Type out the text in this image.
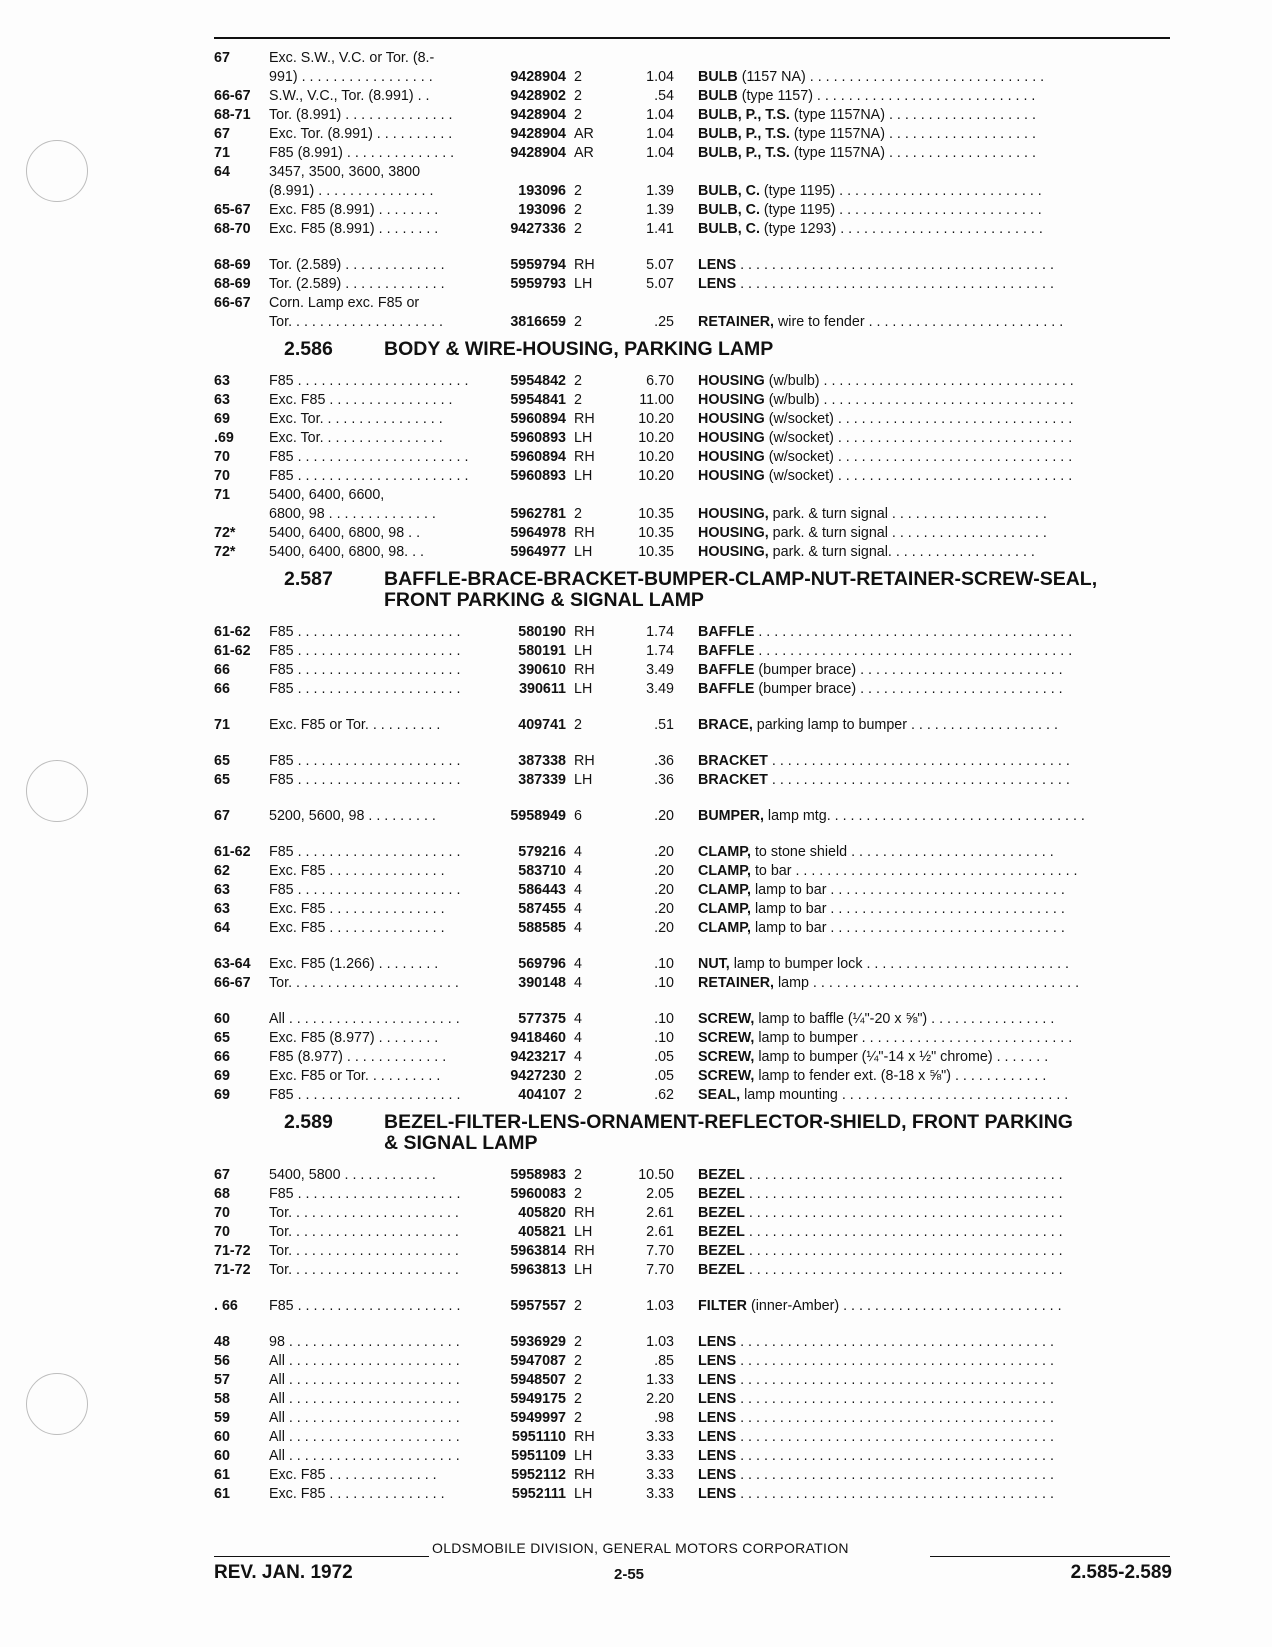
67	Exc. S.W., V.C. or Tor. (8.-
991) . . . . . . . . . . . . . . . . .	9428904 2	1.04	BULB (1157 NA) . . . . . . . . . . . . . . . . . . . . . . . . . . . . . .
66-67	S.W., V.C., Tor. (8.991) . .	9428902 2	.54	BULB (type 1157) . . . . . . . . . . . . . . . . . . . . . . . . . . . .
68-71	Tor. (8.991) . . . . . . . . . . . . . .	9428904 2	1.04	BULB, P., T.S. (type 1157NA) . . . . . . . . . . . . . . . . . . .
67	Exc. Tor. (8.991) . . . . . . . . . .	9428904 AR	1.04	BULB, P., T.S. (type 1157NA) . . . . . . . . . . . . . . . . . . .
71	F85 (8.991) . . . . . . . . . . . . . .	9428904 AR	1.04	BULB, P., T.S. (type 1157NA) . . . . . . . . . . . . . . . . . . .
64	3457, 3500, 3600, 3800
(8.991) . . . . . . . . . . . . . . .	193096 2	1.39	BULB, C. (type 1195) . . . . . . . . . . . . . . . . . . . . . . . . . .
65-67	Exc. F85 (8.991) . . . . . . . .	193096 2	1.39	BULB, C. (type 1195) . . . . . . . . . . . . . . . . . . . . . . . . . .
68-70	Exc. F85 (8.991) . . . . . . . .	9427336 2	1.41	BULB, C. (type 1293) . . . . . . . . . . . . . . . . . . . . . . . . . .
68-69	Tor. (2.589) . . . . . . . . . . . . .	5959794 RH	5.07	LENS . . . . . . . . . . . . . . . . . . . . . . . . . . . . . . . . . . . . . . . .
68-69	Tor. (2.589) . . . . . . . . . . . . .	5959793 LH	5.07	LENS . . . . . . . . . . . . . . . . . . . . . . . . . . . . . . . . . . . . . . . .
66-67	Corn. Lamp exc. F85 or
Tor. . . . . . . . . . . . . . . . . . . .	3816659 2	.25	RETAINER, wire to fender . . . . . . . . . . . . . . . . . . . . . . . . .
2.586	BODY & WIRE-HOUSING, PARKING LAMP
63	F85 . . . . . . . . . . . . . . . . . . . . . .	5954842 2	6.70	HOUSING (w/bulb) . . . . . . . . . . . . . . . . . . . . . . . . . . . . . . . .
63	Exc. F85 . . . . . . . . . . . . . . . .	5954841 2	11.00	HOUSING (w/bulb) . . . . . . . . . . . . . . . . . . . . . . . . . . . . . . . .
69	Exc. Tor. . . . . . . . . . . . . . . .	5960894 RH	10.20	HOUSING (w/socket) . . . . . . . . . . . . . . . . . . . . . . . . . . . . . .
.69	Exc. Tor. . . . . . . . . . . . . . . .	5960893 LH	10.20	HOUSING (w/socket) . . . . . . . . . . . . . . . . . . . . . . . . . . . . . .
70	F85 . . . . . . . . . . . . . . . . . . . . . .	5960894 RH	10.20	HOUSING (w/socket) . . . . . . . . . . . . . . . . . . . . . . . . . . . . . .
70	F85 . . . . . . . . . . . . . . . . . . . . . .	5960893 LH	10.20	HOUSING (w/socket) . . . . . . . . . . . . . . . . . . . . . . . . . . . . . .
71	5400, 6400, 6600,
6800, 98 . . . . . . . . . . . . . .	5962781 2	10.35	HOUSING, park. & turn signal . . . . . . . . . . . . . . . . . . . .
72*	5400, 6400, 6800, 98 . .	5964978 RH	10.35	HOUSING, park. & turn signal . . . . . . . . . . . . . . . . . . . .
72*	5400, 6400, 6800, 98. . .	5964977 LH	10.35	HOUSING, park. & turn signal. . . . . . . . . . . . . . . . . . .
2.587	BAFFLE-BRACE-BRACKET-BUMPER-CLAMP-NUT-RETAINER-SCREW-SEAL,
FRONT PARKING & SIGNAL LAMP
61-62	F85 . . . . . . . . . . . . . . . . . . . . .	580190 RH	1.74	BAFFLE . . . . . . . . . . . . . . . . . . . . . . . . . . . . . . . . . . . . . . . .
61-62	F85 . . . . . . . . . . . . . . . . . . . . .	580191 LH	1.74	BAFFLE . . . . . . . . . . . . . . . . . . . . . . . . . . . . . . . . . . . . . . . .
66	F85 . . . . . . . . . . . . . . . . . . . . .	390610 RH	3.49	BAFFLE (bumper brace) . . . . . . . . . . . . . . . . . . . . . . . . . .
66	F85 . . . . . . . . . . . . . . . . . . . . .	390611 LH	3.49	BAFFLE (bumper brace) . . . . . . . . . . . . . . . . . . . . . . . . . .
71	Exc. F85 or Tor. . . . . . . . . .	409741 2	.51	BRACE, parking lamp to bumper . . . . . . . . . . . . . . . . . . .
65	F85 . . . . . . . . . . . . . . . . . . . . .	387338 RH	.36	BRACKET . . . . . . . . . . . . . . . . . . . . . . . . . . . . . . . . . . . . . .
65	F85 . . . . . . . . . . . . . . . . . . . . .	387339 LH	.36	BRACKET . . . . . . . . . . . . . . . . . . . . . . . . . . . . . . . . . . . . . .
67	5200, 5600, 98 . . . . . . . . .	5958949 6	.20	BUMPER, lamp mtg. . . . . . . . . . . . . . . . . . . . . . . . . . . . . . . . .
61-62	F85 . . . . . . . . . . . . . . . . . . . . .	579216 4	.20	CLAMP, to stone shield . . . . . . . . . . . . . . . . . . . . . . . . . .
62	Exc. F85 . . . . . . . . . . . . . . .	583710 4	.20	CLAMP, to bar . . . . . . . . . . . . . . . . . . . . . . . . . . . . . . . . . . . .
63	F85 . . . . . . . . . . . . . . . . . . . . .	586443 4	.20	CLAMP, lamp to bar . . . . . . . . . . . . . . . . . . . . . . . . . . . . . .
63	Exc. F85 . . . . . . . . . . . . . . .	587455 4	.20	CLAMP, lamp to bar . . . . . . . . . . . . . . . . . . . . . . . . . . . . . .
64	Exc. F85 . . . . . . . . . . . . . . .	588585 4	.20	CLAMP, lamp to bar . . . . . . . . . . . . . . . . . . . . . . . . . . . . . .
63-64	Exc. F85 (1.266) . . . . . . . .	569796 4	.10	NUT, lamp to bumper lock . . . . . . . . . . . . . . . . . . . . . . . . . .
66-67	Tor. . . . . . . . . . . . . . . . . . . . . .	390148 4	.10	RETAINER, lamp . . . . . . . . . . . . . . . . . . . . . . . . . . . . . . . . . .
60	All . . . . . . . . . . . . . . . . . . . . . .	577375 4	.10	SCREW, lamp to baffle (¼"-20 x ⅝") . . . . . . . . . . . . . . . .
65	Exc. F85 (8.977) . . . . . . . .	9418460 4	.10	SCREW, lamp to bumper . . . . . . . . . . . . . . . . . . . . . . . . . . .
66	F85 (8.977) . . . . . . . . . . . . .	9423217 4	.05	SCREW, lamp to bumper (¼"-14 x ½" chrome) . . . . . . .
69	Exc. F85 or Tor. . . . . . . . . .	9427230 2	.05	SCREW, lamp to fender ext. (8-18 x ⅝") . . . . . . . . . . . .
69	F85 . . . . . . . . . . . . . . . . . . . . .	404107 2	.62	SEAL, lamp mounting . . . . . . . . . . . . . . . . . . . . . . . . . . . . .
2.589	BEZEL-FILTER-LENS-ORNAMENT-REFLECTOR-SHIELD, FRONT PARKING
& SIGNAL LAMP
67	5400, 5800 . . . . . . . . . . . .	5958983 2	10.50	BEZEL . . . . . . . . . . . . . . . . . . . . . . . . . . . . . . . . . . . . . . . .
68	F85 . . . . . . . . . . . . . . . . . . . . .	5960083 2	2.05	BEZEL . . . . . . . . . . . . . . . . . . . . . . . . . . . . . . . . . . . . . . . .
70	Tor. . . . . . . . . . . . . . . . . . . . . .	405820 RH	2.61	BEZEL . . . . . . . . . . . . . . . . . . . . . . . . . . . . . . . . . . . . . . . .
70	Tor. . . . . . . . . . . . . . . . . . . . . .	405821 LH	2.61	BEZEL . . . . . . . . . . . . . . . . . . . . . . . . . . . . . . . . . . . . . . . .
71-72	Tor. . . . . . . . . . . . . . . . . . . . . .	5963814 RH	7.70	BEZEL . . . . . . . . . . . . . . . . . . . . . . . . . . . . . . . . . . . . . . . .
71-72	Tor. . . . . . . . . . . . . . . . . . . . . .	5963813 LH	7.70	BEZEL . . . . . . . . . . . . . . . . . . . . . . . . . . . . . . . . . . . . . . . .
. 66	F85 . . . . . . . . . . . . . . . . . . . . .	5957557 2	1.03	FILTER (inner-Amber) . . . . . . . . . . . . . . . . . . . . . . . . . . . .
48	98 . . . . . . . . . . . . . . . . . . . . . .	5936929 2	1.03	LENS . . . . . . . . . . . . . . . . . . . . . . . . . . . . . . . . . . . . . . . .
56	All . . . . . . . . . . . . . . . . . . . . . .	5947087 2	.85	LENS . . . . . . . . . . . . . . . . . . . . . . . . . . . . . . . . . . . . . . . .
57	All . . . . . . . . . . . . . . . . . . . . . .	5948507 2	1.33	LENS . . . . . . . . . . . . . . . . . . . . . . . . . . . . . . . . . . . . . . . .
58	All . . . . . . . . . . . . . . . . . . . . . .	5949175 2	2.20	LENS . . . . . . . . . . . . . . . . . . . . . . . . . . . . . . . . . . . . . . . .
59	All . . . . . . . . . . . . . . . . . . . . . .	5949997 2	.98	LENS . . . . . . . . . . . . . . . . . . . . . . . . . . . . . . . . . . . . . . . .
60	All . . . . . . . . . . . . . . . . . . . . . .	5951110 RH	3.33	LENS . . . . . . . . . . . . . . . . . . . . . . . . . . . . . . . . . . . . . . . .
60	All . . . . . . . . . . . . . . . . . . . . . .	5951109 LH	3.33	LENS . . . . . . . . . . . . . . . . . . . . . . . . . . . . . . . . . . . . . . . .
61	Exc. F85 . . . . . . . . . . . . . .	5952112 RH	3.33	LENS . . . . . . . . . . . . . . . . . . . . . . . . . . . . . . . . . . . . . . . .
61	Exc. F85 . . . . . . . . . . . . . . .	5952111 LH	3.33	LENS . . . . . . . . . . . . . . . . . . . . . . . . . . . . . . . . . . . . . . . .
OLDSMOBILE DIVISION, GENERAL MOTORS CORPORATION
REV. JAN. 1972	2-55	2.585-2.589
